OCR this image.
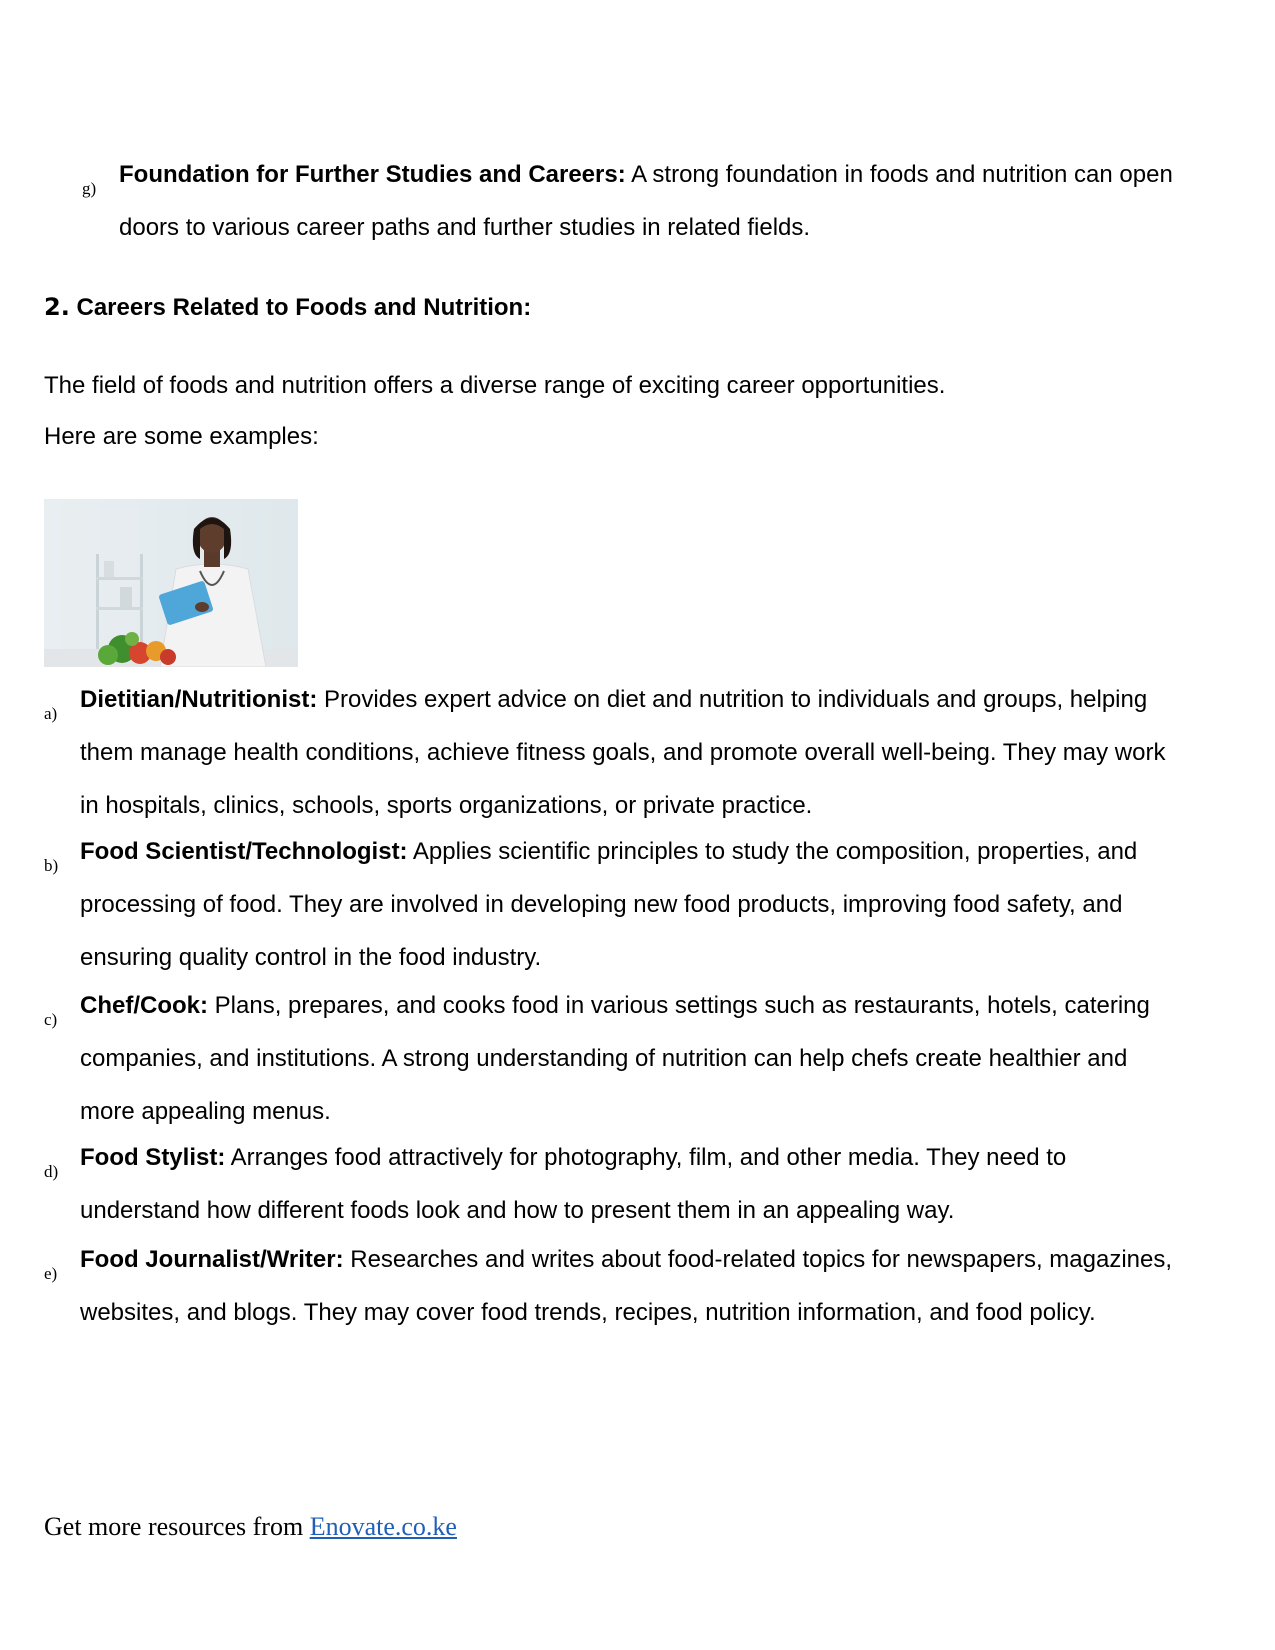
g)
Foundation for Further Studies and Careers: A strong foundation in foods and nutrition can open doors to various career paths and further studies in related fields.
2. Careers Related to Foods and Nutrition:
The field of foods and nutrition offers a diverse range of exciting career opportunities.
Here are some examples:
a)
Dietitian/Nutritionist: Provides expert advice on diet and nutrition to individuals and groups, helping them manage health conditions, achieve fitness goals, and promote overall well-being. They may work in hospitals, clinics, schools, sports organizations, or private practice.
b)
Food Scientist/Technologist: Applies scientific principles to study the composition, properties, and processing of food. They are involved in developing new food products, improving food safety, and ensuring quality control in the food industry.
c)
Chef/Cook: Plans, prepares, and cooks food in various settings such as restaurants, hotels, catering companies, and institutions. A strong understanding of nutrition can help chefs create healthier and more appealing menus.
d)
Food Stylist: Arranges food attractively for photography, film, and other media. They need to understand how different foods look and how to present them in an appealing way.
e)
Food Journalist/Writer: Researches and writes about food-related topics for newspapers, magazines, websites, and blogs. They may cover food trends, recipes, nutrition information, and food policy.
Get more resources from Enovate.co.ke
